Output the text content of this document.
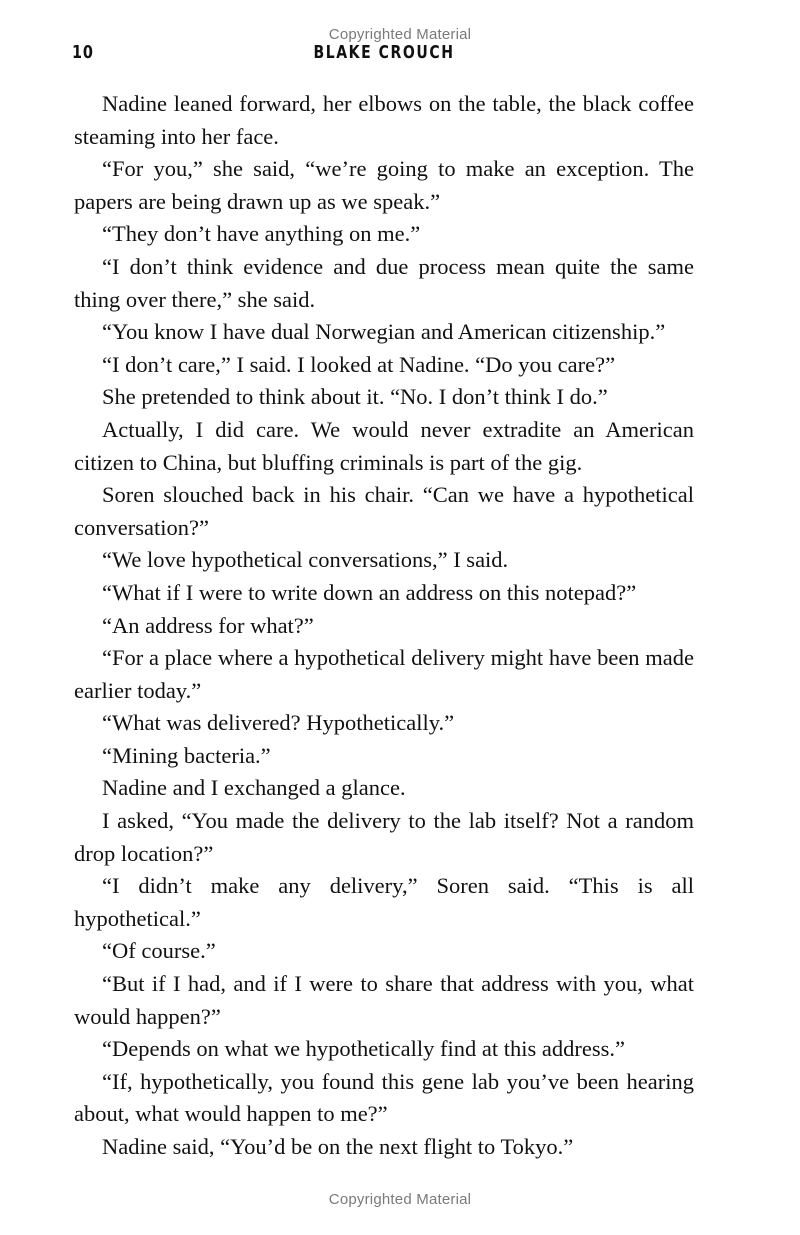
Copyrighted Material
10	BLAKE CROUCH

Nadine leaned forward, her elbows on the table, the black coffee steaming into her face.

“For you,” she said, “we’re going to make an exception. The papers are being drawn up as we speak.”

“They don’t have anything on me.”

“I don’t think evidence and due process mean quite the same thing over there,” she said.

“You know I have dual Norwegian and American citizenship.”

“I don’t care,” I said. I looked at Nadine. “Do you care?”

She pretended to think about it. “No. I don’t think I do.”

Actually, I did care. We would never extradite an American citizen to China, but bluffing criminals is part of the gig.

Soren slouched back in his chair. “Can we have a hypothetical conversation?”

“We love hypothetical conversations,” I said.

“What if I were to write down an address on this notepad?”

“An address for what?”

“For a place where a hypothetical delivery might have been made earlier today.”

“What was delivered? Hypothetically.”

“Mining bacteria.”

Nadine and I exchanged a glance.

I asked, “You made the delivery to the lab itself? Not a random drop location?”

“I didn’t make any delivery,” Soren said. “This is all hypothetical.”

“Of course.”

“But if I had, and if I were to share that address with you, what would happen?”

“Depends on what we hypothetically find at this address.”

“If, hypothetically, you found this gene lab you’ve been hearing about, what would happen to me?”

Nadine said, “You’d be on the next flight to Tokyo.”

Copyrighted Material
